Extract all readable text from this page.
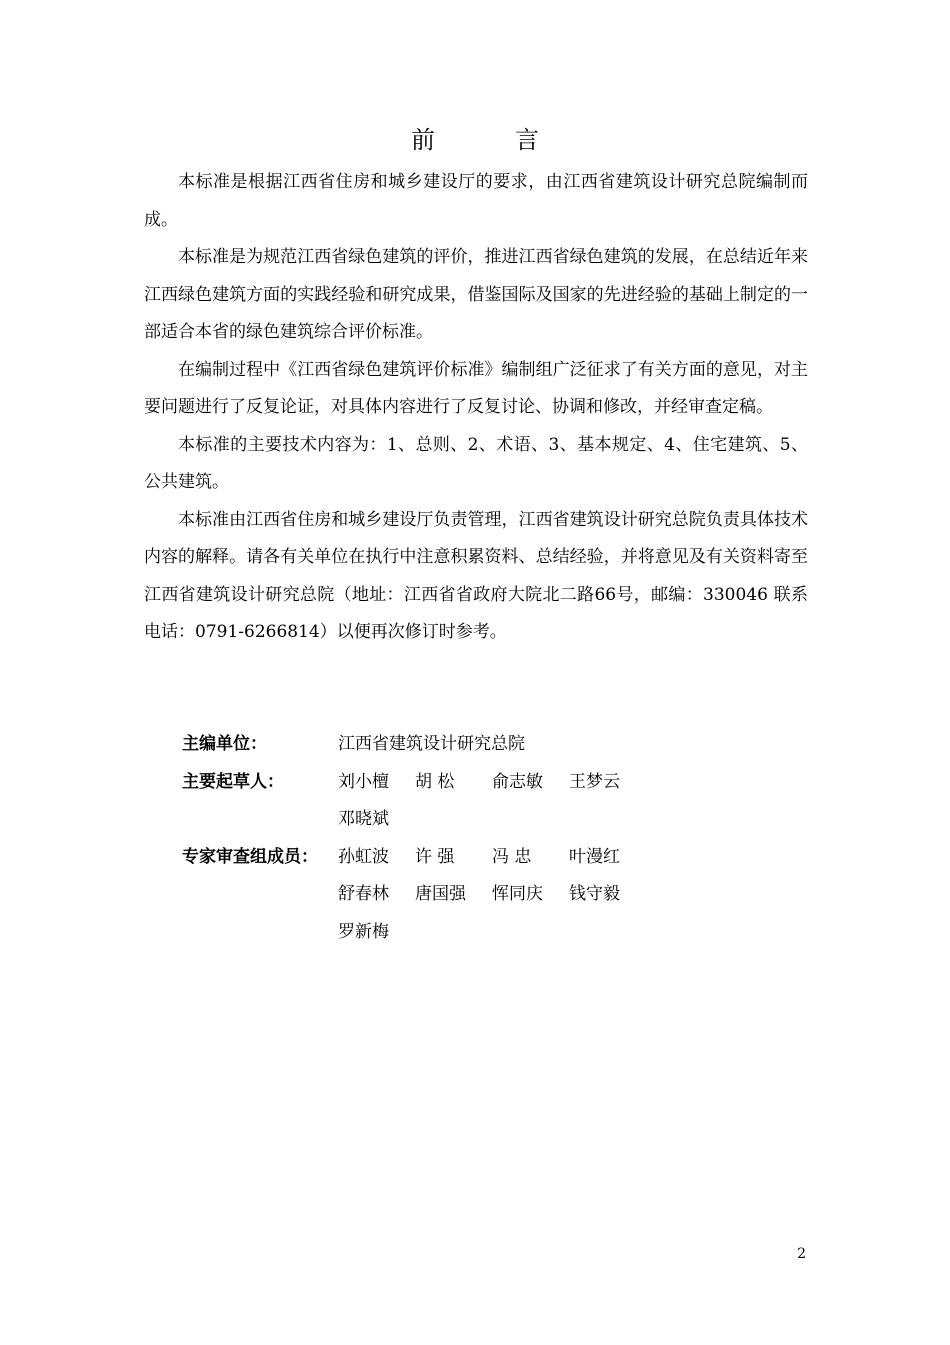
前　言

本标准是根据江西省住房和城乡建设厅的要求，由江西省建筑设计研究总院编制而成。

本标准是为规范江西省绿色建筑的评价，推进江西省绿色建筑的发展，在总结近年来江西绿色建筑方面的实践经验和研究成果，借鉴国际及国家的先进经验的基础上制定的一部适合本省的绿色建筑综合评价标准。

在编制过程中《江西省绿色建筑评价标准》编制组广泛征求了有关方面的意见，对主要问题进行了反复论证，对具体内容进行了反复讨论、协调和修改，并经审查定稿。

本标准的主要技术内容为：1、总则、2、术语、3、基本规定、4、住宅建筑、5、公共建筑。

本标准由江西省住房和城乡建设厅负责管理，江西省建筑设计研究总院负责具体技术内容的解释。请各有关单位在执行中注意积累资料、总结经验，并将意见及有关资料寄至江西省建筑设计研究总院（地址：江西省省政府大院北二路66号，邮编：330046 联系电话：0791-6266814）以便再次修订时参考。

主编单位：	江西省建筑设计研究总院
主要起草人：	刘小檀	胡 松	俞志敏	王梦云
邓晓斌
专家审查组成员：	孙虹波	许 强	冯 忠	叶漫红
舒春林	唐国强	恽同庆	钱守毅
罗新梅
2
